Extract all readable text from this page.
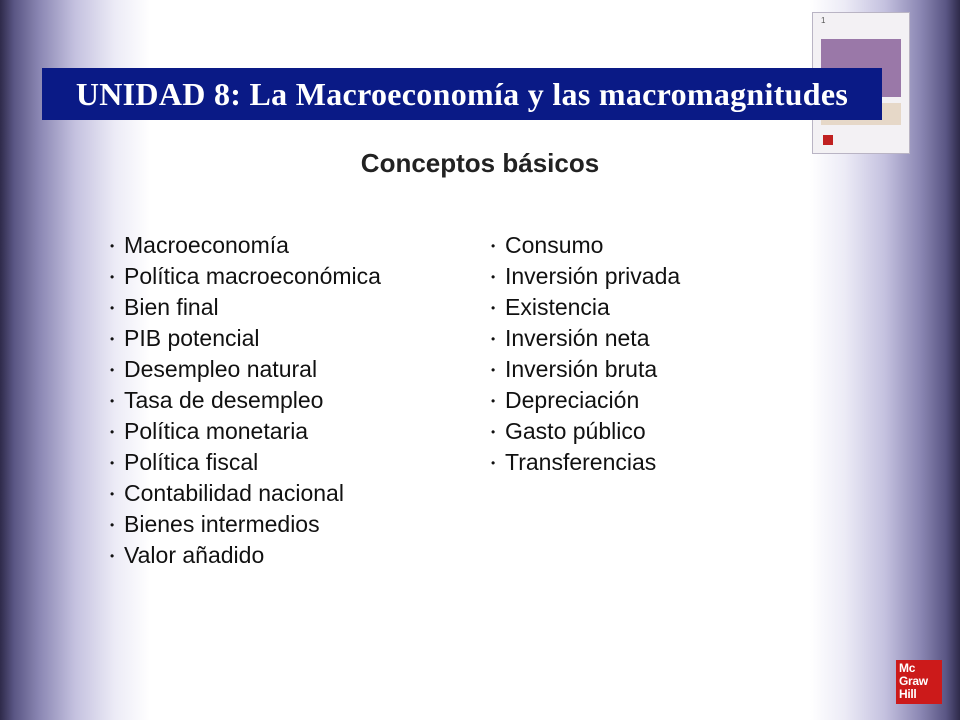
1
UNIDAD 8: La Macroeconomía y las macromagnitudes
Conceptos básicos
• Macroeconomía
• Política macroeconómica
• Bien final
• PIB potencial
• Desempleo natural
• Tasa de desempleo
• Política monetaria
• Política fiscal
• Contabilidad nacional
• Bienes intermedios
• Valor añadido
• Consumo
• Inversión privada
• Existencia
• Inversión neta
• Inversión bruta
• Depreciación
• Gasto público
• Transferencias
Mc
Graw
Hill
